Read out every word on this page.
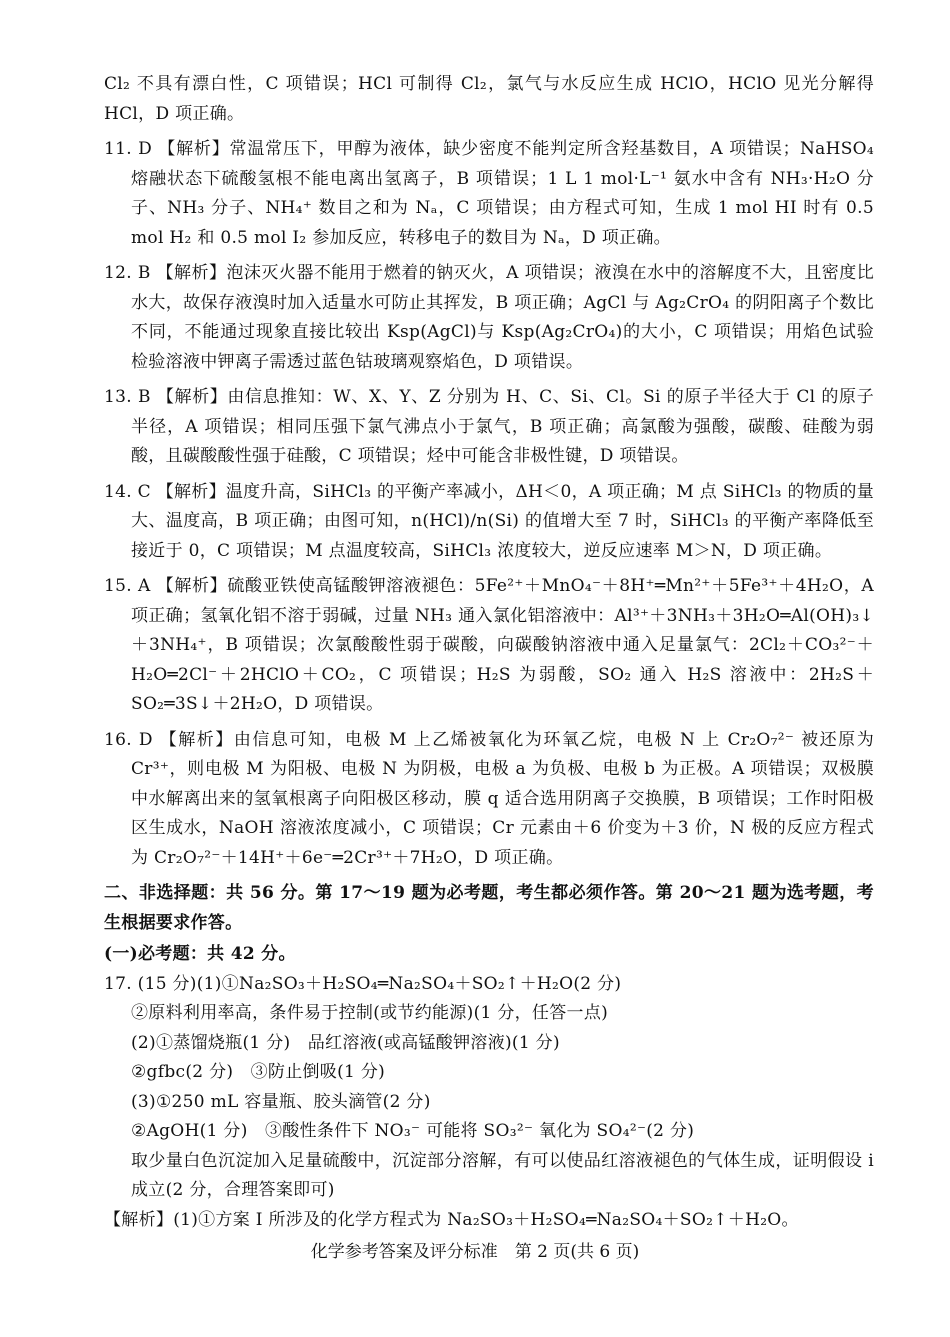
Cl₂ 不具有漂白性，C 项错误；HCl 可制得 Cl₂，氯气与水反应生成 HClO，HClO 见光分解得 HCl，D 项正确。

11. D 【解析】常温常压下，甲醇为液体，缺少密度不能判定所含羟基数目，A 项错误；NaHSO₄ 熔融状态下硫酸氢根不能电离出氢离子，B 项错误；1 L 1 mol·L⁻¹ 氨水中含有 NH₃·H₂O 分子、NH₃ 分子、NH₄⁺ 数目之和为 Nₐ，C 项错误；由方程式可知，生成 1 mol HI 时有 0.5 mol H₂ 和 0.5 mol I₂ 参加反应，转移电子的数目为 Nₐ，D 项正确。

12. B 【解析】泡沫灭火器不能用于燃着的钠灭火，A 项错误；液溴在水中的溶解度不大，且密度比水大，故保存液溴时加入适量水可防止其挥发，B 项正确；AgCl 与 Ag₂CrO₄ 的阴阳离子个数比不同，不能通过现象直接比较出 Ksp(AgCl)与 Ksp(Ag₂CrO₄)的大小，C 项错误；用焰色试验检验溶液中钾离子需透过蓝色钴玻璃观察焰色，D 项错误。

13. B 【解析】由信息推知：W、X、Y、Z 分别为 H、C、Si、Cl。Si 的原子半径大于 Cl 的原子半径，A 项错误；相同压强下氯气沸点小于氯气，B 项正确；高氯酸为强酸，碳酸、硅酸为弱酸，且碳酸酸性强于硅酸，C 项错误；烃中可能含非极性键，D 项错误。

14. C 【解析】温度升高，SiHCl₃ 的平衡产率减小，ΔH＜0，A 项正确；M 点 SiHCl₃ 的物质的量大、温度高，B 项正确；由图可知，n(HCl)/n(Si) 的值增大至 7 时，SiHCl₃ 的平衡产率降低至接近于 0，C 项错误；M 点温度较高，SiHCl₃ 浓度较大，逆反应速率 M＞N，D 项正确。

15. A 【解析】硫酸亚铁使高锰酸钾溶液褪色：5Fe²⁺＋MnO₄⁻＋8H⁺═Mn²⁺＋5Fe³⁺＋4H₂O，A 项正确；氢氧化铝不溶于弱碱，过量 NH₃ 通入氯化铝溶液中：Al³⁺＋3NH₃＋3H₂O═Al(OH)₃↓＋3NH₄⁺，B 项错误；次氯酸酸性弱于碳酸，向碳酸钠溶液中通入足量氯气：2Cl₂＋CO₃²⁻＋H₂O═2Cl⁻＋2HClO＋CO₂，C 项错误；H₂S 为弱酸，SO₂ 通入 H₂S 溶液中：2H₂S＋SO₂═3S↓＋2H₂O，D 项错误。

16. D 【解析】由信息可知，电极 M 上乙烯被氧化为环氧乙烷，电极 N 上 Cr₂O₇²⁻ 被还原为 Cr³⁺，则电极 M 为阳极、电极 N 为阴极，电极 a 为负极、电极 b 为正极。A 项错误；双极膜中水解离出来的氢氧根离子向阳极区移动，膜 q 适合选用阴离子交换膜，B 项错误；工作时阳极区生成水，NaOH 溶液浓度减小，C 项错误；Cr 元素由＋6 价变为＋3 价，N 极的反应方程式为 Cr₂O₇²⁻＋14H⁺＋6e⁻═2Cr³⁺＋7H₂O，D 项正确。

二、非选择题：共 56 分。第 17～19 题为必考题，考生都必须作答。第 20～21 题为选考题，考生根据要求作答。

(一)必考题：共 42 分。

17. (15 分)(1)①Na₂SO₃＋H₂SO₄═Na₂SO₄＋SO₂↑＋H₂O(2 分)

②原料利用率高，条件易于控制(或节约能源)(1 分，任答一点)

(2)①蒸馏烧瓶(1 分)　品红溶液(或高锰酸钾溶液)(1 分)

②gfbc(2 分)　③防止倒吸(1 分)

(3)①250 mL 容量瓶、胶头滴管(2 分)

②AgOH(1 分)　③酸性条件下 NO₃⁻ 可能将 SO₃²⁻ 氧化为 SO₄²⁻(2 分)

取少量白色沉淀加入足量硫酸中，沉淀部分溶解，有可以使品红溶液褪色的气体生成，证明假设 i 成立(2 分，合理答案即可)

【解析】(1)①方案 I 所涉及的化学方程式为 Na₂SO₃＋H₂SO₄═Na₂SO₄＋SO₂↑＋H₂O。

化学参考答案及评分标准　第 2 页(共 6 页)
